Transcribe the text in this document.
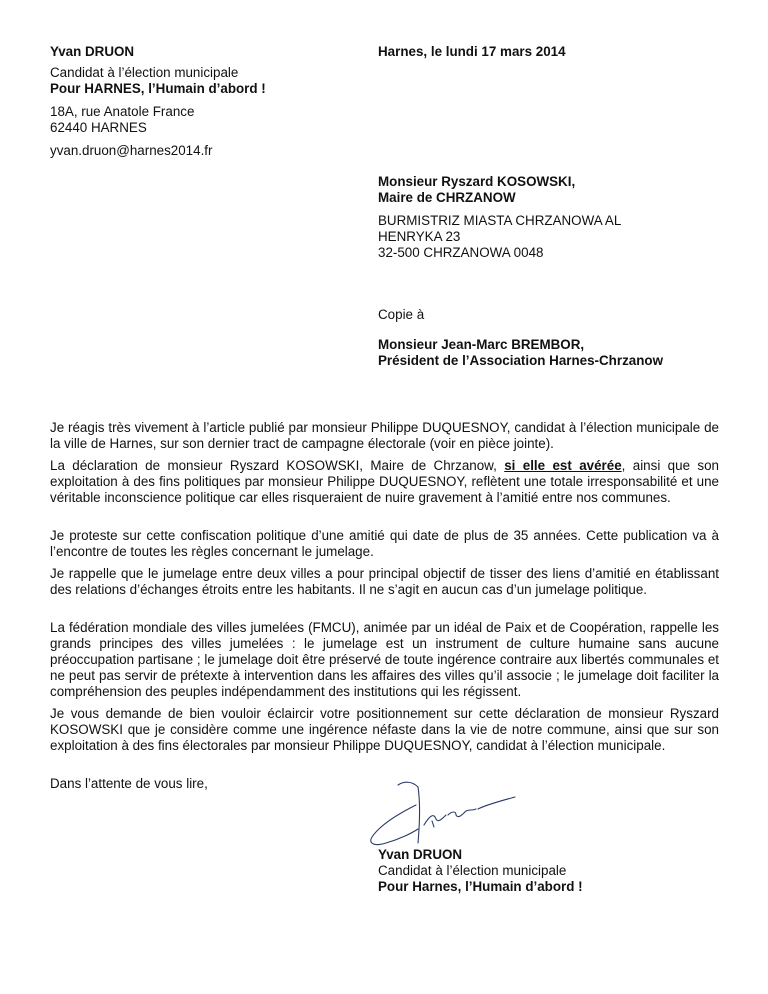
Yvan DRUON
Candidat à l’élection municipale
Pour HARNES, l’Humain d’abord !
18A, rue Anatole France
62440 HARNES
yvan.druon@harnes2014.fr
Harnes, le lundi 17 mars 2014
Monsieur Ryszard KOSOWSKI,
Maire de CHRZANOW
BURMISTRIZ MIASTA CHRZANOWA AL
HENRYKA 23
32-500 CHRZANOWA 0048
Copie à
Monsieur Jean-Marc BREMBOR,
Président de l’Association Harnes-Chrzanow
Je réagis très vivement à l’article publié par monsieur Philippe DUQUESNOY, candidat à l’élection municipale de la ville de Harnes, sur son dernier tract de campagne électorale (voir en pièce jointe).
La déclaration de monsieur Ryszard KOSOWSKI, Maire de Chrzanow, si elle est avérée, ainsi que son exploitation à des fins politiques par monsieur Philippe DUQUESNOY, reflètent une totale irresponsabilité et une véritable inconscience politique car elles risqueraient de nuire gravement à l’amitié entre nos communes.
Je proteste sur cette confiscation politique d’une amitié qui date de plus de 35 années. Cette publication va à l’encontre de toutes les règles concernant le jumelage.
Je rappelle que le jumelage entre deux villes a pour principal objectif de tisser des liens d’amitié en établissant des relations d’échanges étroits entre les habitants. Il ne s’agit en aucun cas d’un jumelage politique.
La fédération mondiale des villes jumelées (FMCU), animée par un idéal de Paix et de Coopération, rappelle les grands principes des villes jumelées : le jumelage est un instrument de culture humaine sans aucune préoccupation partisane ; le jumelage doit être préservé de toute ingérence contraire aux libertés communales et ne peut pas servir de prétexte à intervention dans les affaires des villes qu’il associe ; le jumelage doit faciliter la compréhension des peuples indépendamment des institutions qui les régissent.
Je vous demande de bien vouloir éclaircir votre positionnement sur cette déclaration de monsieur Ryszard KOSOWSKI que je considère comme une ingérence néfaste dans la vie de notre commune, ainsi que sur son exploitation à des fins électorales par monsieur Philippe DUQUESNOY, candidat à l’élection municipale.
Dans l’attente de vous lire,
Yvan DRUON
Candidat à l’élection municipale
Pour Harnes, l’Humain d’abord !
